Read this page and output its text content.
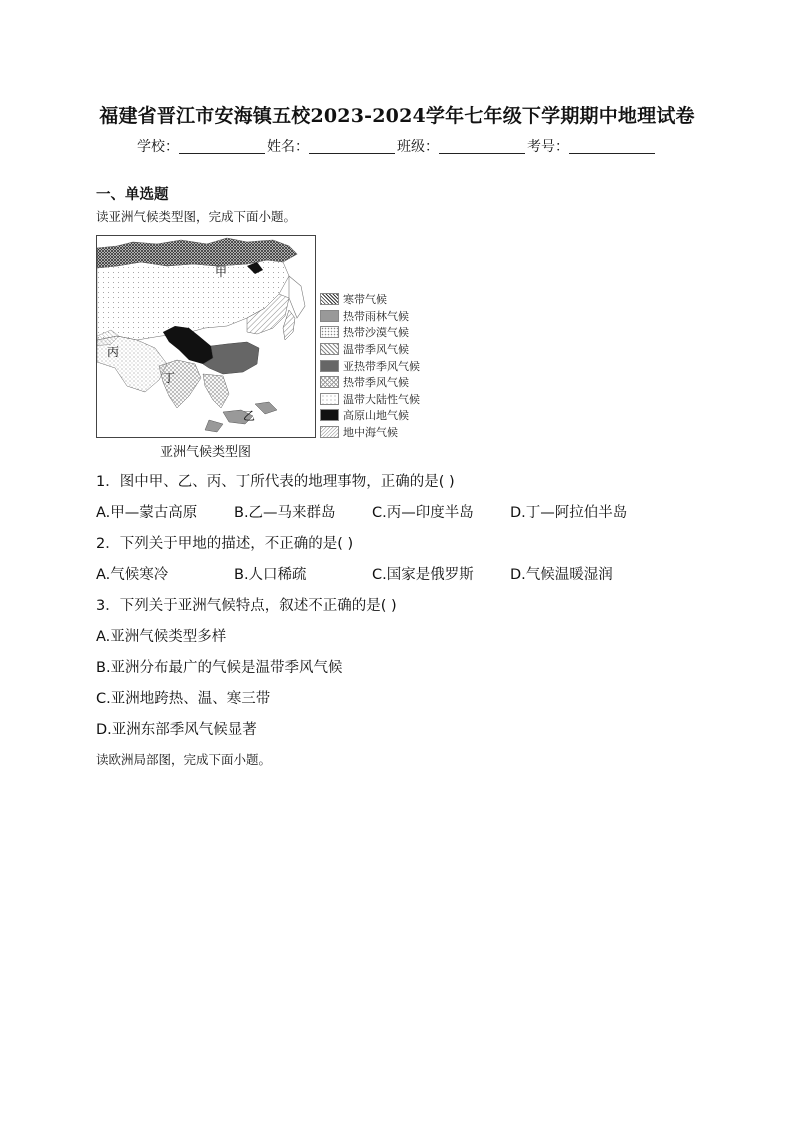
福建省晋江市安海镇五校2023-2024学年七年级下学期期中地理试卷
学校：	姓名：	班级：	考号：
一、单选题
读亚洲气候类型图，完成下面小题。
甲
乙
丙
丁
寒带气候
热带雨林气候
热带沙漠气候
温带季风气候
亚热带季风气候
热带季风气候
温带大陆性气候
高原山地气候
地中海气候
亚洲气候类型图
1．图中甲、乙、丙、丁所代表的地理事物，正确的是( )
A.甲—蒙古高原	B.乙—马来群岛	C.丙—印度半岛	D.丁—阿拉伯半岛
2．下列关于甲地的描述，不正确的是( )
A.气候寒冷	B.人口稀疏	C.国家是俄罗斯	D.气候温暖湿润
3．下列关于亚洲气候特点，叙述不正确的是( )
A.亚洲气候类型多样
B.亚洲分布最广的气候是温带季风气候
C.亚洲地跨热、温、寒三带
D.亚洲东部季风气候显著
读欧洲局部图，完成下面小题。
